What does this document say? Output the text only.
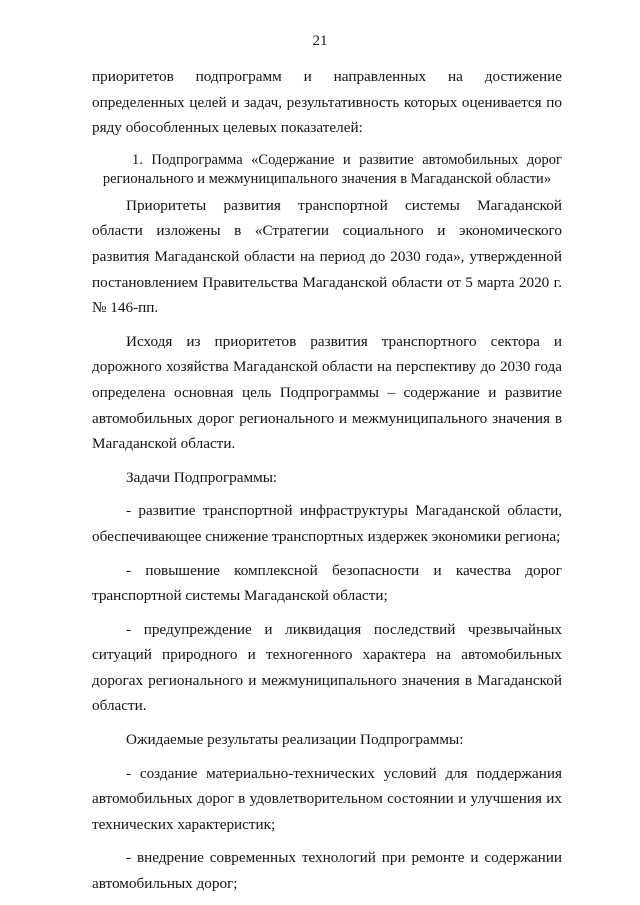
21

приоритетов подпрограмм и направленных на достижение определенных целей и задач, результативность которых оценивается по ряду обособленных целевых показателей:

1. Подпрограмма «Содержание и развитие автомобильных дорог
регионального и межмуниципального значения в Магаданской области»

Приоритеты развития транспортной системы Магаданской области изложены в «Стратегии социального и экономического развития Магаданской области на период до 2030 года», утвержденной постановлением Правительства Магаданской области от 5 марта 2020 г. № 146-пп.

Исходя из приоритетов развития транспортного сектора и дорожного хозяйства Магаданской области на перспективу до 2030 года определена основная цель Подпрограммы – содержание и развитие автомобильных дорог регионального и межмуниципального значения в Магаданской области.

Задачи Подпрограммы:

- развитие транспортной инфраструктуры Магаданской области, обеспечивающее снижение транспортных издержек экономики региона;

- повышение комплексной безопасности и качества дорог транспортной системы Магаданской области;

- предупреждение и ликвидация последствий чрезвычайных ситуаций природного и техногенного характера на автомобильных дорогах регионального и межмуниципального значения в Магаданской области.

Ожидаемые результаты реализации Подпрограммы:

- создание материально-технических условий для поддержания автомобильных дорог в удовлетворительном состоянии и улучшения их технических характеристик;

- внедрение современных технологий при ремонте и содержании автомобильных дорог;
